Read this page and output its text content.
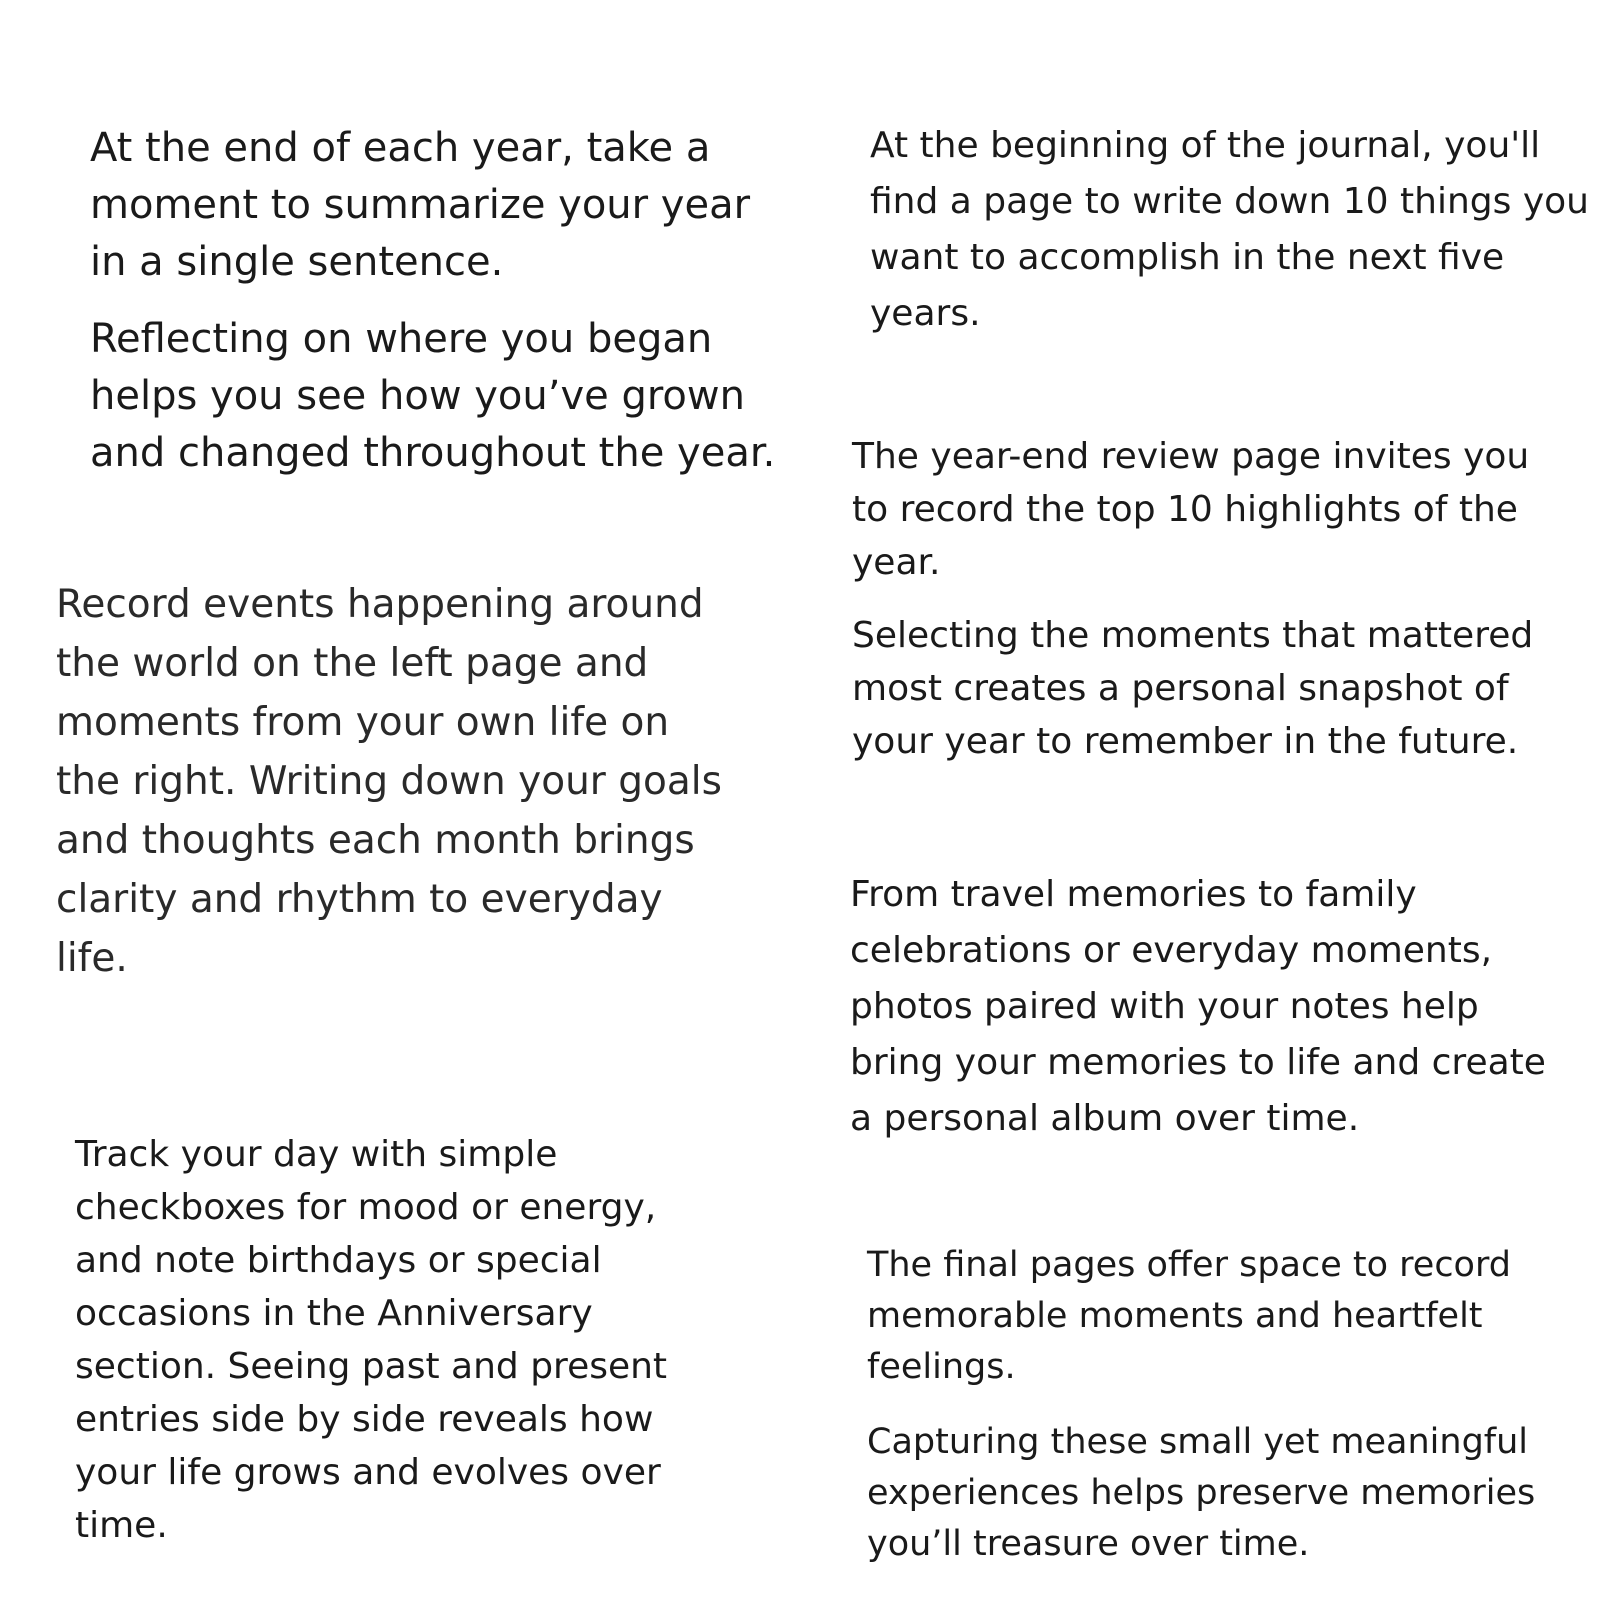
At the end of each year, take a
moment to summarize your year
in a single sentence.

Reflecting on where you began
helps you see how you’ve grown
and changed throughout the year.

Record events happening around
the world on the left page and
moments from your own life on
the right. Writing down your goals
and thoughts each month brings
clarity and rhythm to everyday
life.

Track your day with simple
checkboxes for mood or energy,
and note birthdays or special
occasions in the Anniversary
section. Seeing past and present
entries side by side reveals how
your life grows and evolves over
time.

At the beginning of the journal, you'll
find a page to write down 10 things you
want to accomplish in the next five
years.

The year-end review page invites you
to record the top 10 highlights of the
year.

Selecting the moments that mattered
most creates a personal snapshot of
your year to remember in the future.

From travel memories to family
celebrations or everyday moments,
photos paired with your notes help
bring your memories to life and create
a personal album over time.

The final pages offer space to record
memorable moments and heartfelt
feelings.

Capturing these small yet meaningful
experiences helps preserve memories
you’ll treasure over time.
